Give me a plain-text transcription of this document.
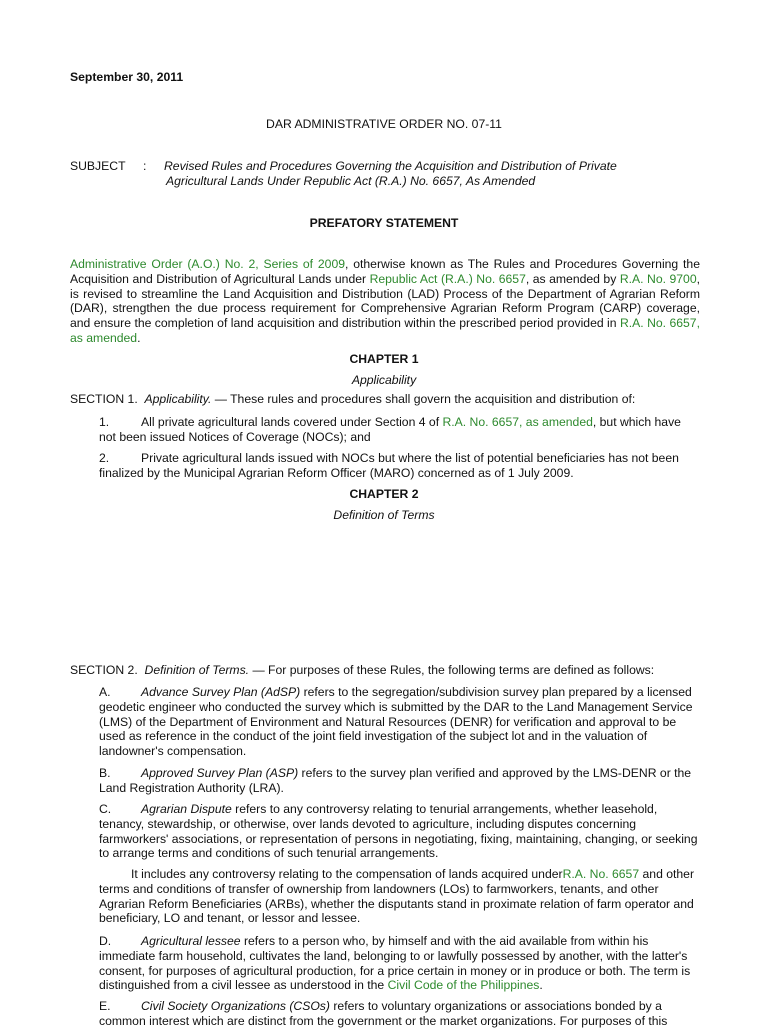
September 30, 2011
DAR ADMINISTRATIVE ORDER NO. 07-11
SUBJECT : Revised Rules and Procedures Governing the Acquisition and Distribution of Private
Agricultural Lands Under Republic Act (R.A.) No. 6657, As Amended
PREFATORY STATEMENT
Administrative Order (A.O.) No. 2, Series of 2009, otherwise known as The Rules and Procedures Governing the Acquisition and Distribution of Agricultural Lands under Republic Act (R.A.) No. 6657, as amended by R.A. No. 9700, is revised to streamline the Land Acquisition and Distribution (LAD) Process of the Department of Agrarian Reform (DAR), strengthen the due process requirement for Comprehensive Agrarian Reform Program (CARP) coverage, and ensure the completion of land acquisition and distribution within the prescribed period provided in R.A. No. 6657, as amended.
CHAPTER 1
Applicability
SECTION 1. Applicability. — These rules and procedures shall govern the acquisition and distribution of:
1.	All private agricultural lands covered under Section 4 of R.A. No. 6657, as amended, but which have not been issued Notices of Coverage (NOCs); and
2.	Private agricultural lands issued with NOCs but where the list of potential beneficiaries has not been finalized by the Municipal Agrarian Reform Officer (MARO) concerned as of 1 July 2009.
CHAPTER 2
Definition of Terms
SECTION 2. Definition of Terms. — For purposes of these Rules, the following terms are defined as follows:
A. Advance Survey Plan (AdSP) refers to the segregation/subdivision survey plan prepared by a licensed geodetic engineer who conducted the survey which is submitted by the DAR to the Land Management Service (LMS) of the Department of Environment and Natural Resources (DENR) for verification and approval to be used as reference in the conduct of the joint field investigation of the subject lot and in the valuation of landowner's compensation.
B. Approved Survey Plan (ASP) refers to the survey plan verified and approved by the LMS-DENR or the Land Registration Authority (LRA).
C. Agrarian Dispute refers to any controversy relating to tenurial arrangements, whether leasehold, tenancy, stewardship, or otherwise, over lands devoted to agriculture, including disputes concerning farmworkers' associations, or representation of persons in negotiating, fixing, maintaining, changing, or seeking to arrange terms and conditions of such tenurial arrangements.
It includes any controversy relating to the compensation of lands acquired underR.A. No. 6657 and other terms and conditions of transfer of ownership from landowners (LOs) to farmworkers, tenants, and other Agrarian Reform Beneficiaries (ARBs), whether the disputants stand in proximate relation of farm operator and beneficiary, LO and tenant, or lessor and lessee.
D. Agricultural lessee refers to a person who, by himself and with the aid available from within his immediate farm household, cultivates the land, belonging to or lawfully possessed by another, with the latter's consent, for purposes of agricultural production, for a price certain in money or in produce or both. The term is distinguished from a civil lessee as understood in the Civil Code of the Philippines.
E. Civil Society Organizations (CSOs) refers to voluntary organizations or associations bonded by a common interest which are distinct from the government or the market organizations. For purposes of this
